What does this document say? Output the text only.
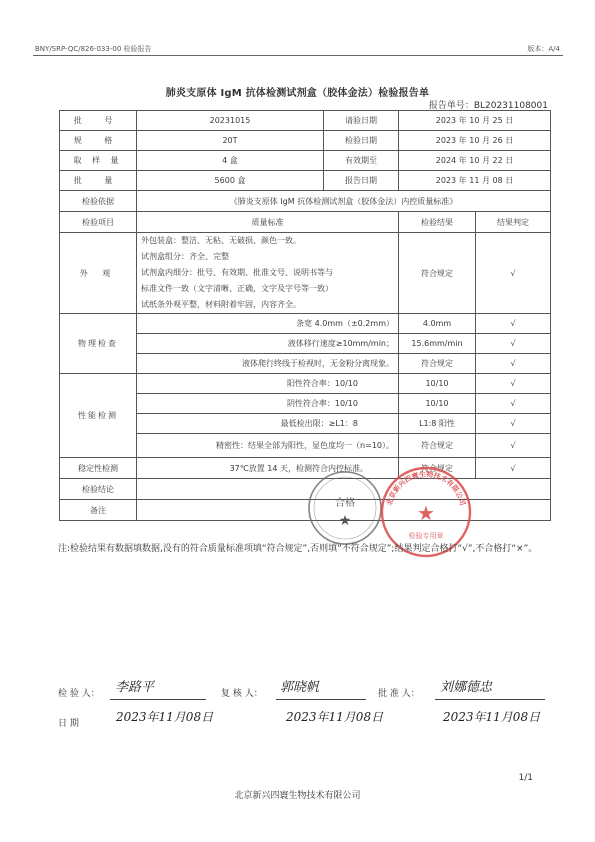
BNY/SRP-QC/826-033-00 检验报告	版本：A/4
肺炎支原体 IgM 抗体检测试剂盒（胶体金法）检验报告单
报告单号：BL20231108001
批 号	20231015	请验日期	2023 年 10 月 25 日	
规 格	20T	检验日期	2023 年 10 月 26 日	
取 样 量	4 盒	有效期至	2024 年 10 月 22 日	
批 量	5600 盒	报告日期	2023 年 11 月 08 日	
检验依据	《肺炎支原体 IgM 抗体检测试剂盒（胶体金法）内控质量标准》			
检验项目	质量标准		检验结果	结果判定
外 观	外包装盒：整洁、无粘、无破损、颜色一致。
试剂盒组分：齐全、完整
试剂盒内细分：批号、有效期、批准文号、说明书等与
标准文件一致（文字清晰、正确，文字及字号等一致）
试纸条外观平整，材料附着牢固，内容齐全。		符合规定	√
物理检查	条宽 4.0mm（±0.2mm）		4.0mm	√
	液体移行速度≥10mm/min；		15.6mm/min	√
	液体爬行终线于检视时，无金粉分离现象。		符合规定	√
性能检测	阳性符合率：10/10		10/10	√
	阴性符合率：10/10		10/10	√
	最低检出限：≥L1：8		L1:8 阳性	√
	精密性：结果全部为阳性，显色度均一（n=10）。		符合规定	√
稳定性检测	37℃放置 14 天，检测符合内控标准。		符合规定	√
检验结论				
备注				
合格
★
北京新兴四寰生物技术有限公司
★
检验专用章
注:检验结果有数据填数据,没有的符合质量标准项填“符合规定”,否则填“不符合规定”;结果判定合格打“√”,不合格打“×”。
检 验 人： 李路平	复 核 人： 郭晓帆	批 准 人： 刘娜德忠
日 期	2023年11月08日	2023年11月08日	2023年11月08日
1/1
北京新兴四寰生物技术有限公司
